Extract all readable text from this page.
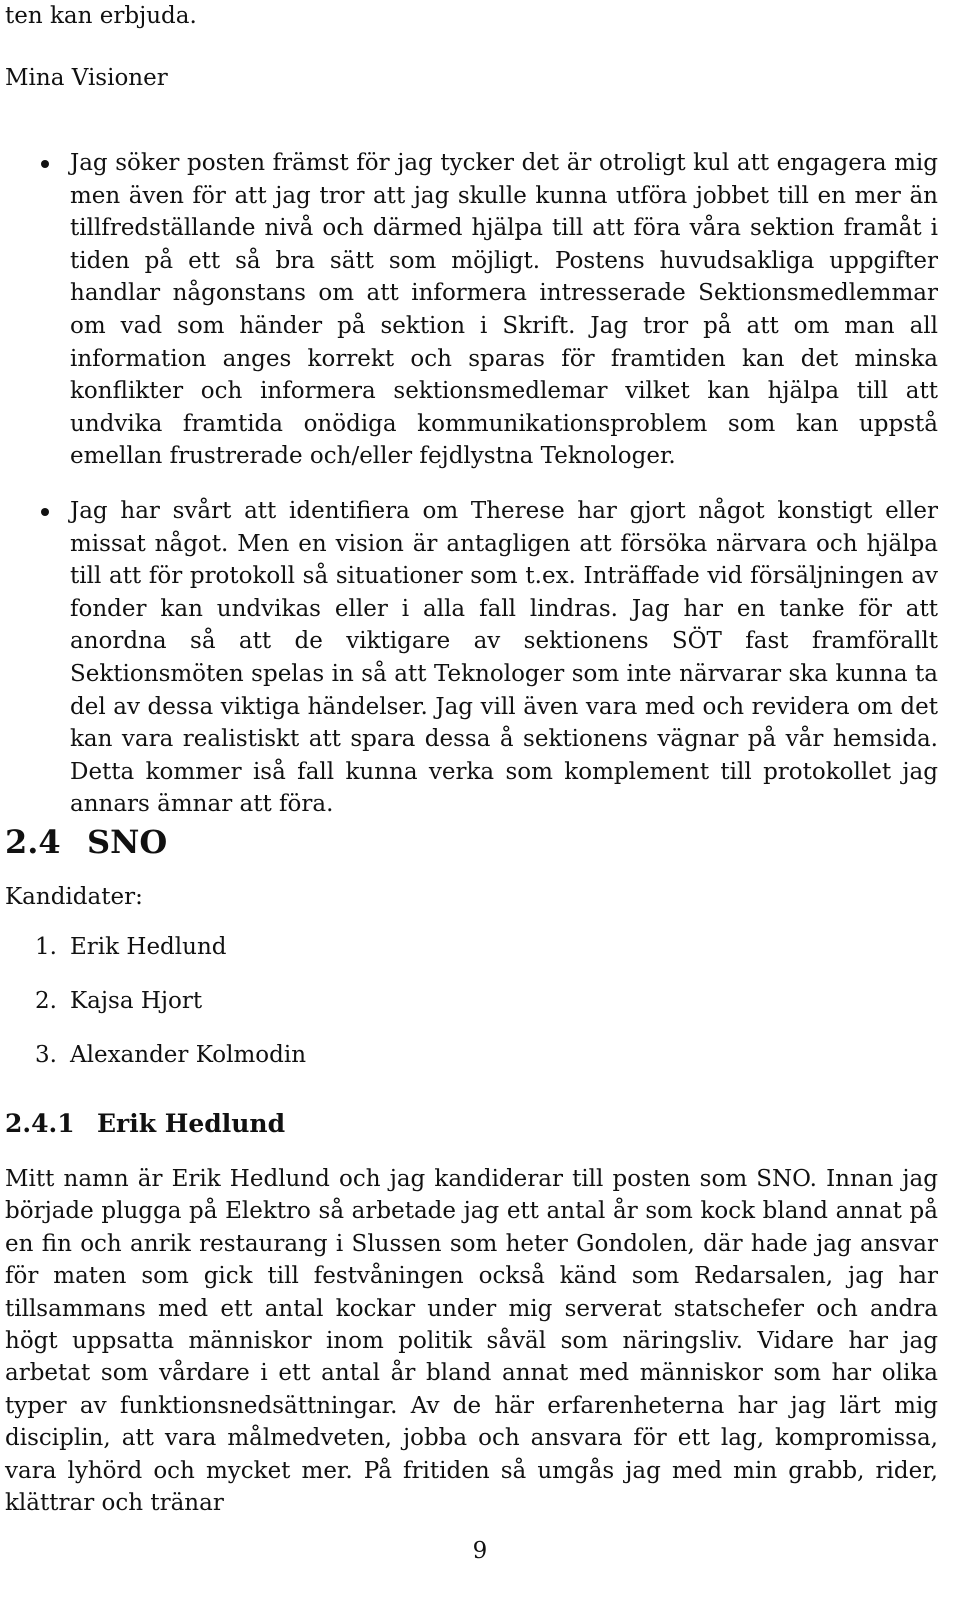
ten kan erbjuda.
Mina Visioner
Jag söker posten främst för jag tycker det är otroligt kul att engagera mig men även för att jag tror att jag skulle kunna utföra jobbet till en mer än tillfredställande nivå och därmed hjälpa till att föra våra sektion framåt i tiden på ett så bra sätt som möjligt. Postens huvudsakliga uppgifter handlar någonstans om att informera intresserade Sektionsmedlemmar om vad som händer på sektion i Skrift. Jag tror på att om man all information anges korrekt och sparas för framtiden kan det minska konflikter och informera sektionsmedlemar vilket kan hjälpa till att undvika framtida onödiga kommunikationsproblem som kan uppstå emellan frustrerade och/eller fejdlystna Teknologer.
Jag har svårt att identifiera om Therese har gjort något konstigt eller missat något. Men en vision är antagligen att försöka närvara och hjälpa till att för protokoll så situationer som t.ex. Inträffade vid försäljningen av fonder kan undvikas eller i alla fall lindras. Jag har en tanke för att anordna så att de viktigare av sektionens SÖT fast framförallt Sektionsmöten spelas in så att Teknologer som inte närvarar ska kunna ta del av dessa viktiga händelser. Jag vill även vara med och revidera om det kan vara realistiskt att spara dessa å sektionens vägnar på vår hemsida. Detta kommer iså fall kunna verka som komplement till protokollet jag annars ämnar att föra.
2.4 SNO
Kandidater:
1. Erik Hedlund
2. Kajsa Hjort
3. Alexander Kolmodin
2.4.1 Erik Hedlund
Mitt namn är Erik Hedlund och jag kandiderar till posten som SNO. Innan jag började plugga på Elektro så arbetade jag ett antal år som kock bland annat på en fin och anrik restaurang i Slussen som heter Gondolen, där hade jag ansvar för maten som gick till festvåningen också känd som Redarsalen, jag har tillsammans med ett antal kockar under mig serverat statschefer och andra högt uppsatta människor inom politik såväl som näringsliv. Vidare har jag arbetat som vårdare i ett antal år bland annat med människor som har olika typer av funktionsnedsättningar. Av de här erfarenheterna har jag lärt mig disciplin, att vara målmedveten, jobba och ansvara för ett lag, kompromissa, vara lyhörd och mycket mer. På fritiden så umgås jag med min grabb, rider, klättrar och tränar
9
